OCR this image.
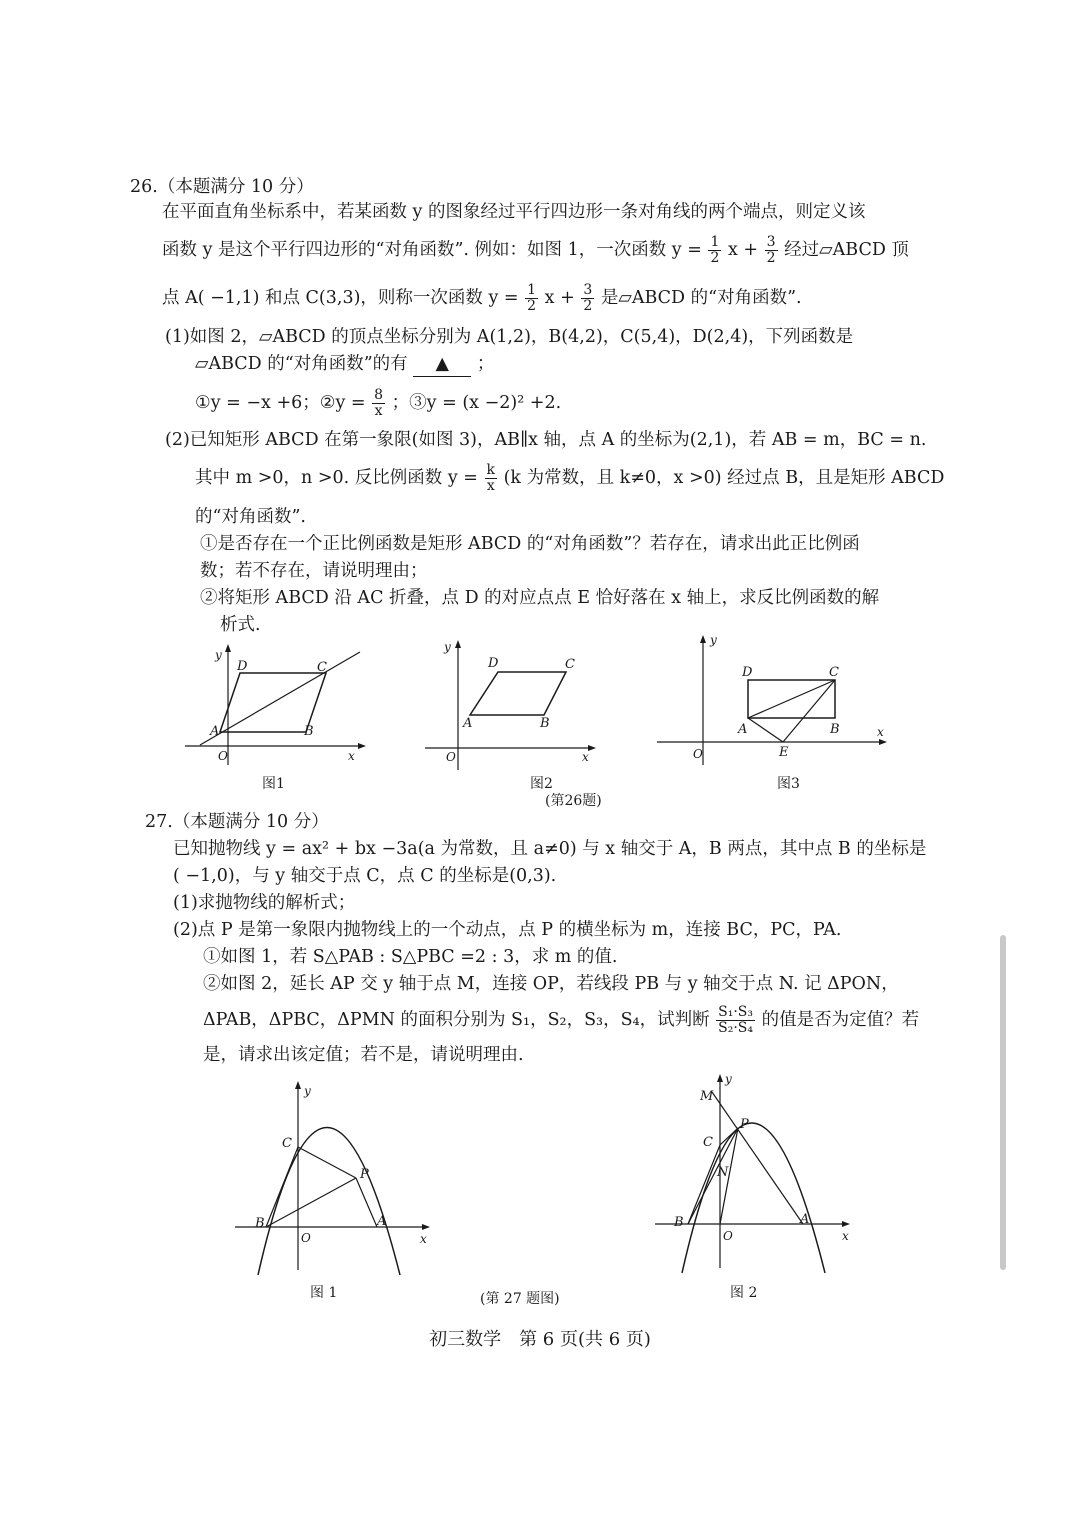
26.（本题满分 10 分）
在平面直角坐标系中，若某函数 y 的图象经过平行四边形一条对角线的两个端点，则定义该
函数 y 是这个平行四边形的“对角函数”. 例如：如图 1，一次函数 $y = \frac{1}{2}$ $x + \frac{3}{2}$ 经过▱ABCD 顶
点 A( −1,1) 和点 C(3,3)，则称一次函数 $y = \frac{1}{2}$ $x + \frac{3}{2}$ 是▱ABCD 的“对角函数”.
(1)如图 2，▱ABCD 的顶点坐标分别为 A(1,2)，B(4,2)，C(5,4)，D(2,4)，下列函数是
▱ABCD 的“对角函数”的有 ▲ ；
①y = −x +6；②y = $\frac{8}{x}$ ；③y = (x −2)² +2.
(2)已知矩形 ABCD 在第一象限(如图 3)，AB∥x 轴，点 A 的坐标为(2,1)，若 AB = m，BC = n.
其中 m >0，n >0. 反比例函数 $y = \frac{k}{x} (k$ 为常数，且 k≠0，x >0) 经过点 B，且是矩形 ABCD
的“对角函数”.
①是否存在一个正比例函数是矩形 ABCD 的“对角函数”？若存在，请求出此正比例函
数；若不存在，请说明理由；
②将矩形 ABCD 沿 AC 折叠，点 D 的对应点点 E 恰好落在 x 轴上，求反比例函数的解
析式.
y
x
O
D	C
A	B
图1
y
x
O
D	C
A	B
图2
(第26题)
y
x
O
D	C
A	B
E
图3
27.（本题满分 10 分）
已知抛物线 y = ax² + bx −3a(a 为常数，且 a≠0) 与 x 轴交于 A，B 两点，其中点 B 的坐标是
( −1,0)，与 y 轴交于点 C，点 C 的坐标是(0,3).
(1)求抛物线的解析式；
(2)点 P 是第一象限内抛物线上的一个动点，点 P 的横坐标为 m，连接 BC，PC，PA.
①如图 1，若 S△PAB : S△PBC =2 : 3，求 m 的值.
②如图 2，延长 AP 交 y 轴于点 M，连接 OP，若线段 PB 与 y 轴交于点 N. 记 ΔPON，
ΔPAB，ΔPBC，ΔPMN 的面积分别为 S₁，S₂，S₃，S₄，试判断 $\frac{\text{S₁·S₃}}{\text{S₂·S₄}}$ 的值是否为定值？若
是，请求出该定值；若不是，请说明理由.
y
x
O
C
P
B	A
图 1	(第 27 题图)
y
x
O
M
C
P
N
B	A
图 2
初三数学　第 6 页(共 6 页)
